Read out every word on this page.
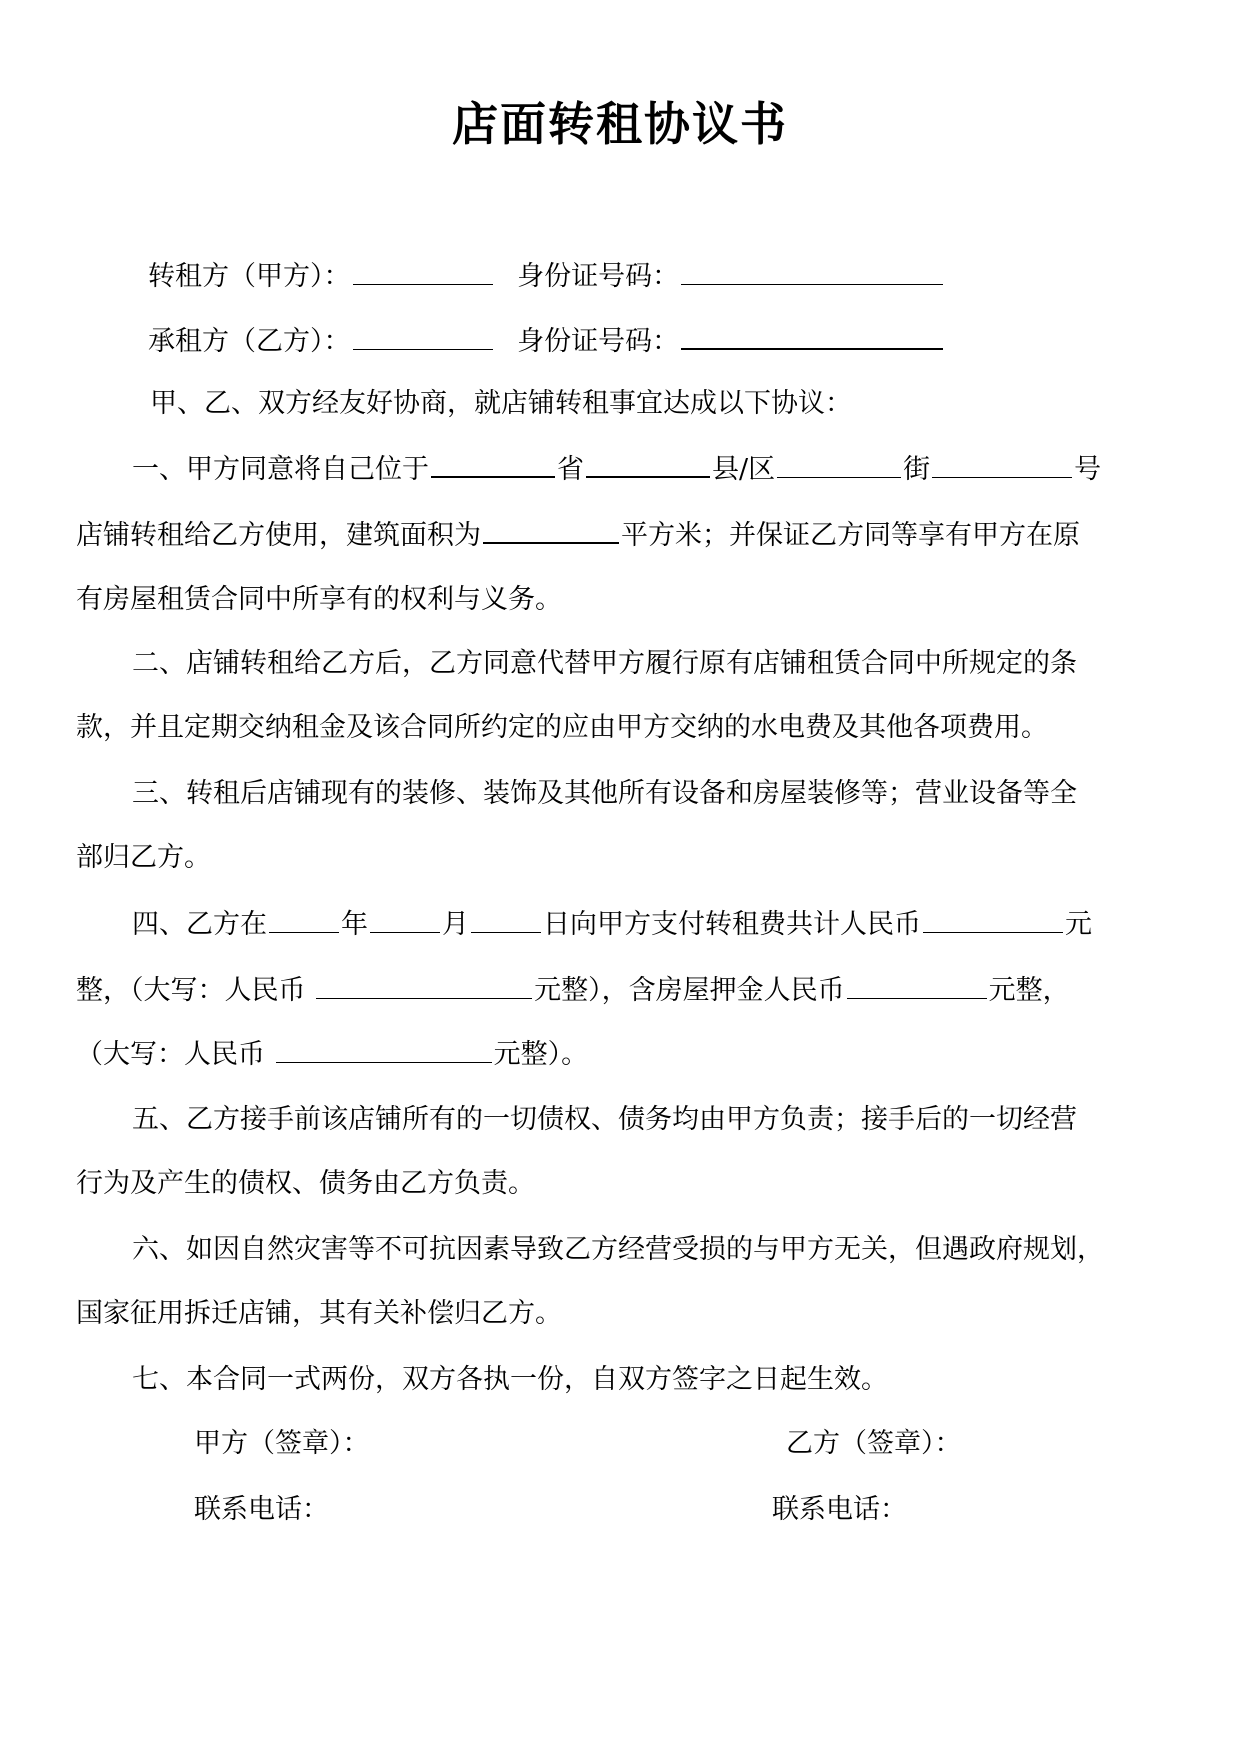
店面转租协议书
转租方（甲方）：	身份证号码：
承租方（乙方）：	身份证号码：
甲、乙、双方经友好协商，就店铺转租事宜达成以下协议：
一、甲方同意将自己位于	省	县/区	街	号
店铺转租给乙方使用，建筑面积为	平方米；并保证乙方同等享有甲方在原
有房屋租赁合同中所享有的权利与义务。
二、店铺转租给乙方后，乙方同意代替甲方履行原有店铺租赁合同中所规定的条
款，并且定期交纳租金及该合同所约定的应由甲方交纳的水电费及其他各项费用。
三、转租后店铺现有的装修、装饰及其他所有设备和房屋装修等；营业设备等全
部归乙方。
四、乙方在	年	月	日向甲方支付转租费共计人民币	元
整，（大写：人民币	元整），含房屋押金人民币	元整，
（大写：人民币	元整）。
五、乙方接手前该店铺所有的一切债权、债务均由甲方负责；接手后的一切经营
行为及产生的债权、债务由乙方负责。
六、如因自然灾害等不可抗因素导致乙方经营受损的与甲方无关，但遇政府规划，
国家征用拆迁店铺，其有关补偿归乙方。
七、本合同一式两份，双方各执一份，自双方签字之日起生效。
甲方（签章）：	乙方（签章）：
联系电话：	联系电话：
